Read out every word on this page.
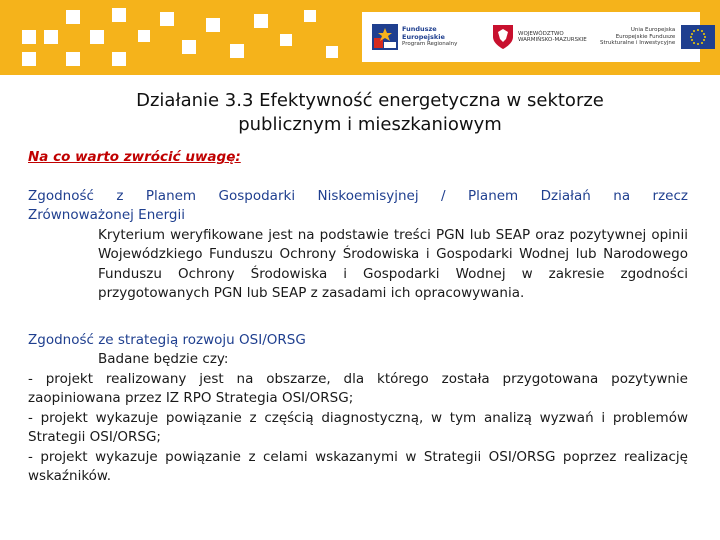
Fundusze
Europejskie
Program Regionalny
WOJEWÓDZTWO
WARMIŃSKO-MAZURSKIE
Unia Europejska
Europejskie Fundusze
Strukturalne i Inwestycyjne
Działanie 3.3 Efektywność energetyczna w sektorze
publicznym i mieszkaniowym

Na co warto zwrócić uwagę:

Zgodność z Planem Gospodarki Niskoemisyjnej / Planem Działań na rzecz

Zrównoważonej Energii

Kryterium weryfikowane jest na podstawie treści PGN lub SEAP oraz pozytywnej opinii Wojewódzkiego Funduszu Ochrony Środowiska i Gospodarki Wodnej lub Narodowego Funduszu Ochrony Środowiska i Gospodarki Wodnej w zakresie zgodności przygotowanych PGN lub SEAP z zasadami ich opracowywania.

Zgodność ze strategią rozwoju OSI/ORSG

Badane będzie czy:

- projekt realizowany jest na obszarze, dla którego została przygotowana pozytywnie zaopiniowana przez IZ RPO Strategia OSI/ORSG;

- projekt wykazuje powiązanie z częścią diagnostyczną, w tym analizą wyzwań i problemów Strategii OSI/ORSG;

- projekt wykazuje powiązanie z celami wskazanymi w Strategii OSI/ORSG poprzez realizację wskaźników.
